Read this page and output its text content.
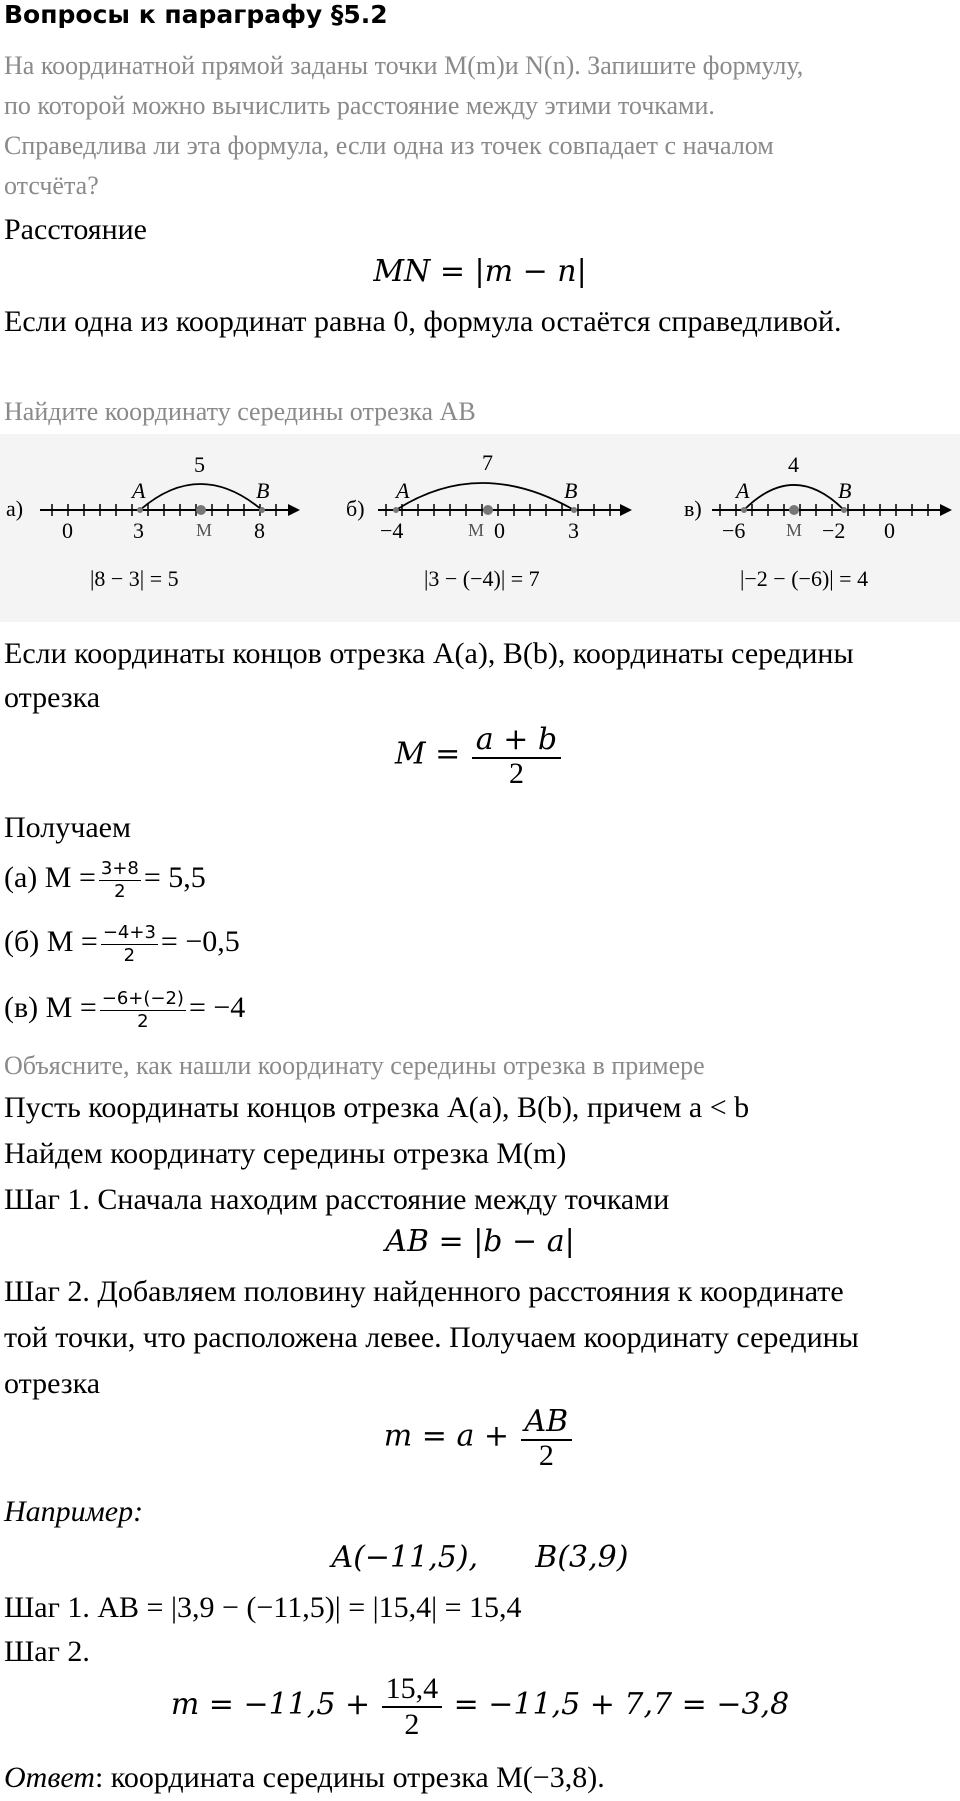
Вопросы к параграфу §5.2
На координатной прямой заданы точки M(m)и N(n). Запишите формулу,
по которой можно вычислить расстояние между этими точками.
Справедлива ли эта формула, если одна из точек совпадает с началом
отсчёта?
Расстояние
MN = |m − n|
Если одна из координат равна 0, формула остаётся справедливой.
Найдите координату середины отрезка AB
а)
A	B
5
0	3	8
M
|8 − 3| = 5
б)
A	B
7
−4	0	3
M
|3 − (−4)| = 7
в)
A	B
4
−6	−2 0
M
|−2 − (−6)| = 4
Если координаты концов отрезка A(a), B(b), координаты середины
отрезка
$M = \frac{a + b}{2}$
Получаем
(а) $M = \frac{3+8}{2} = 5,5$
(б) $M = \frac{-4+3}{2} = -0,5$
(в) $M = \frac{-6+(-2)}{2} = -4$
Объясните, как нашли координату середины отрезка в примере
Пусть координаты концов отрезка A(a), B(b), причем a < b
Найдем координату середины отрезка M(m)
Шаг 1. Сначала находим расстояние между точками
AB = |b − a|
Шаг 2. Добавляем половину найденного расстояния к координате
той точки, что расположена левее. Получаем координату середины
отрезка
$m = a + \frac{AB}{2}$
Например:
A(−11,5),      B(3,9)
Шаг 1. AB = |3,9 − (−11,5)| = |15,4| = 15,4
Шаг 2.
$m = -11,5 + \frac{15,4}{2} = -11,5 + 7,7 = -3,8$
Ответ: координата середины отрезка M(−3,8).
